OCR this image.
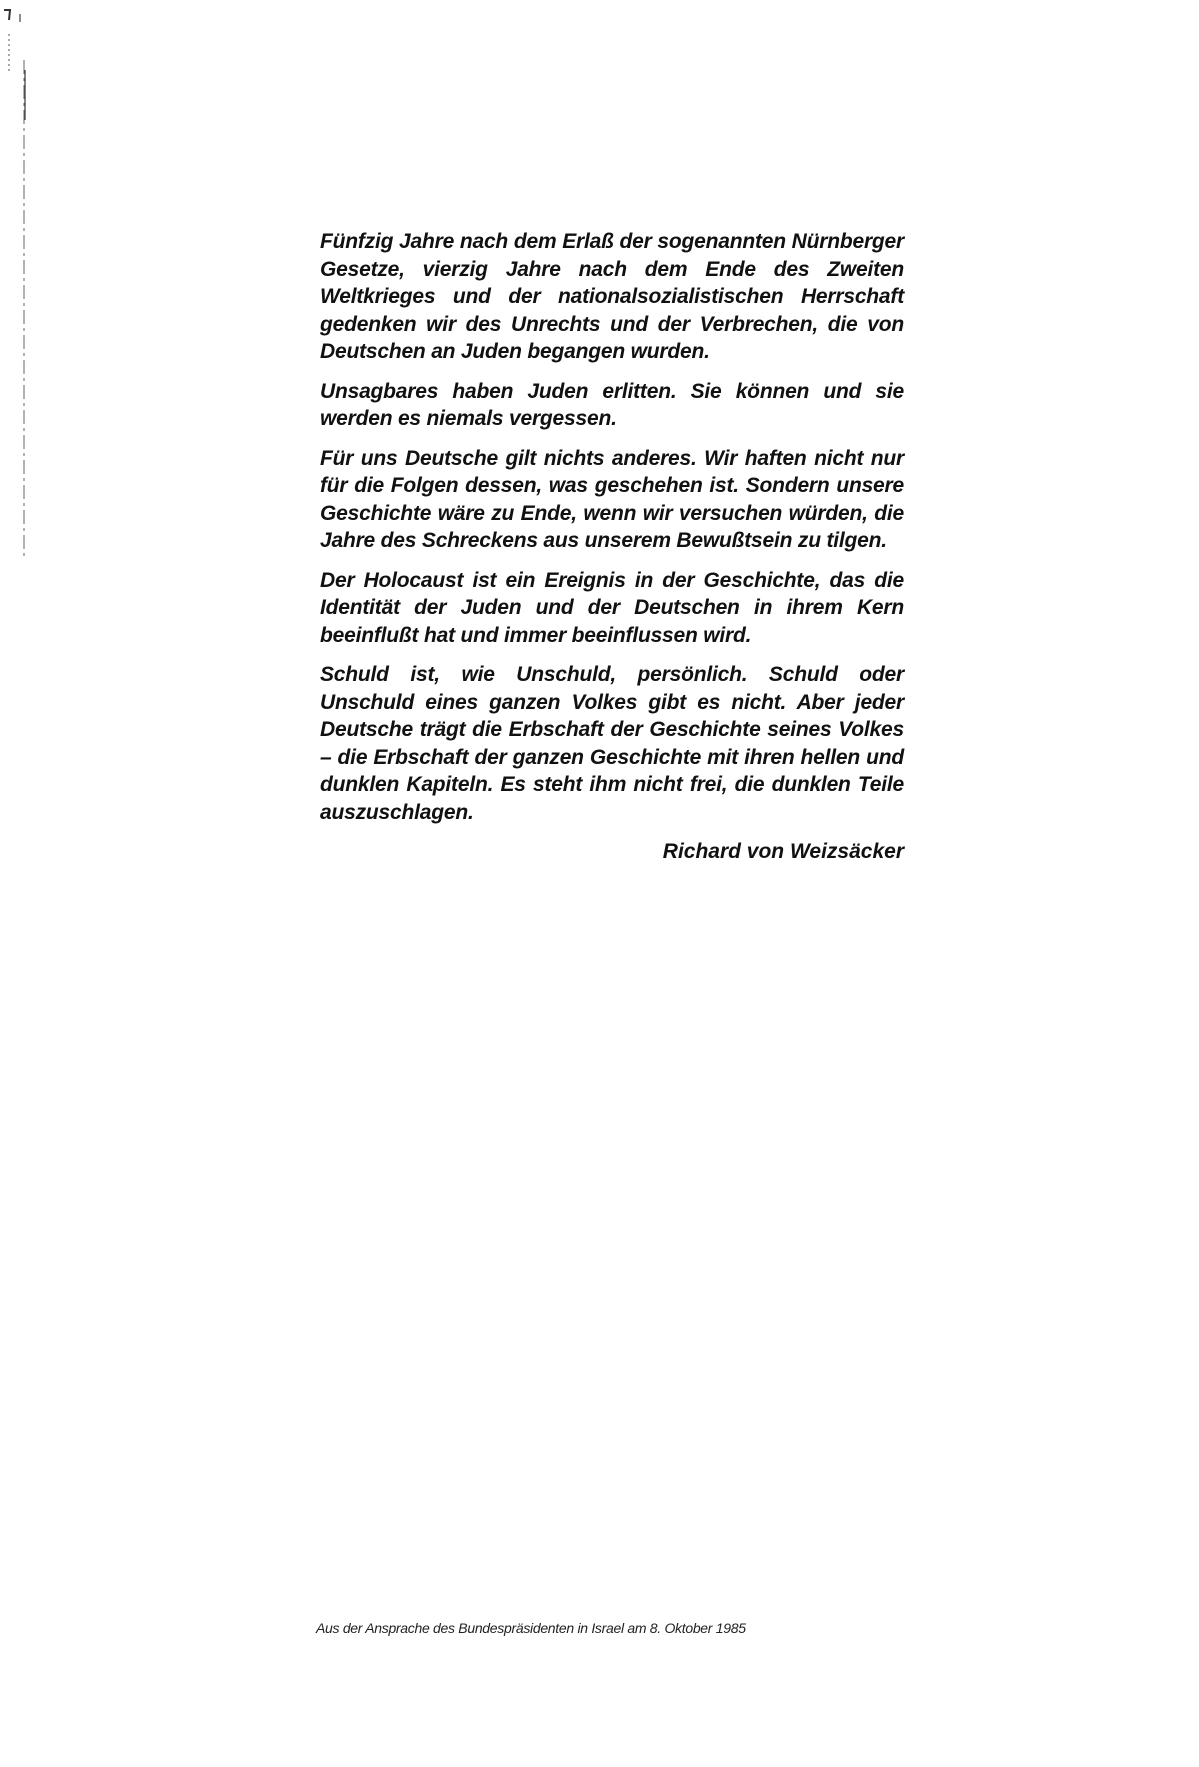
Fünfzig Jahre nach dem Erlaß der sogenannten Nürnberger Gesetze, vierzig Jahre nach dem Ende des Zweiten Weltkrieges und der nationalsozialistischen Herrschaft gedenken wir des Unrechts und der Verbrechen, die von Deutschen an Juden begangen wurden.

Unsagbares haben Juden erlitten. Sie können und sie werden es niemals vergessen.

Für uns Deutsche gilt nichts anderes. Wir haften nicht nur für die Folgen dessen, was geschehen ist. Sondern unsere Geschichte wäre zu Ende, wenn wir versuchen würden, die Jahre des Schreckens aus unserem Bewußtsein zu tilgen.

Der Holocaust ist ein Ereignis in der Geschichte, das die Identität der Juden und der Deutschen in ihrem Kern beeinflußt hat und immer beeinflussen wird.

Schuld ist, wie Unschuld, persönlich. Schuld oder Unschuld eines ganzen Volkes gibt es nicht. Aber jeder Deutsche trägt die Erbschaft der Geschichte seines Volkes – die Erbschaft der ganzen Geschichte mit ihren hellen und dunklen Kapiteln. Es steht ihm nicht frei, die dunklen Teile auszuschlagen.

Richard von Weizsäcker

Aus der Ansprache des Bundespräsidenten in Israel am 8. Oktober 1985
